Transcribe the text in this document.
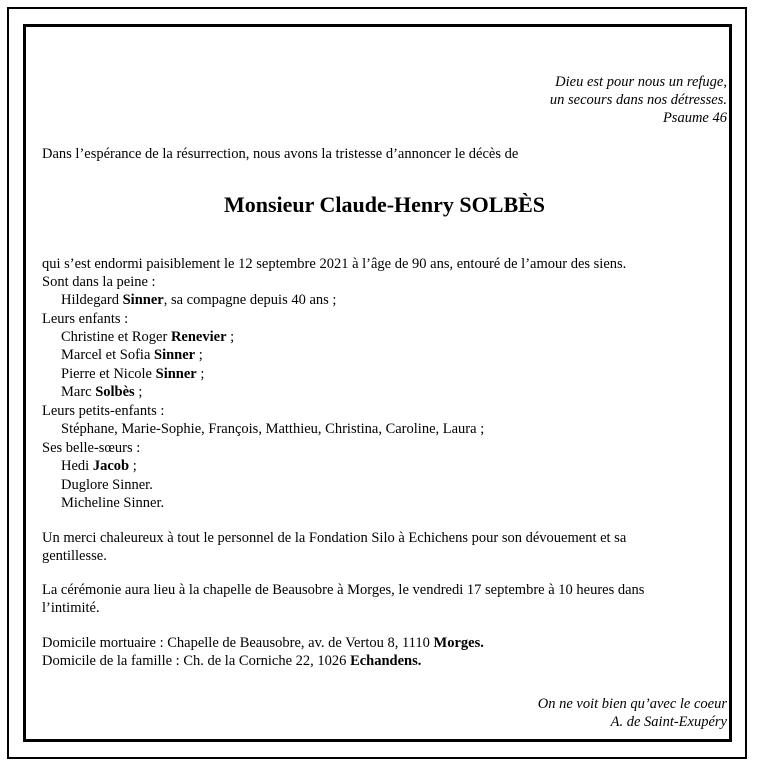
Dieu est pour nous un refuge,
un secours dans nos détresses.
Psaume 46
Dans l’espérance de la résurrection, nous avons la tristesse d’annoncer le décès de
Monsieur Claude-Henry SOLBÈS
qui s’est endormi paisiblement le 12 septembre 2021 à l’âge de 90 ans, entouré de l’amour des siens.
Sont dans la peine :
Hildegard Sinner, sa compagne depuis 40 ans ;
Leurs enfants :
Christine et Roger Renevier ;
Marcel et Sofia Sinner ;
Pierre et Nicole Sinner ;
Marc Solbès ;
Leurs petits-enfants :
Stéphane, Marie-Sophie, François, Matthieu, Christina, Caroline, Laura ;
Ses belle-sœurs :
Hedi Jacob ;
Duglore Sinner.
Micheline Sinner.
Un merci chaleureux à tout le personnel de la Fondation Silo à Echichens pour son dévouement et sa
gentillesse.
La cérémonie aura lieu à la chapelle de Beausobre à Morges, le vendredi 17 septembre à 10 heures dans
l’intimité.
Domicile mortuaire : Chapelle de Beausobre, av. de Vertou 8, 1110 Morges.
Domicile de la famille : Ch. de la Corniche 22, 1026 Echandens.
On ne voit bien qu’avec le coeur
A. de Saint-Exupéry
